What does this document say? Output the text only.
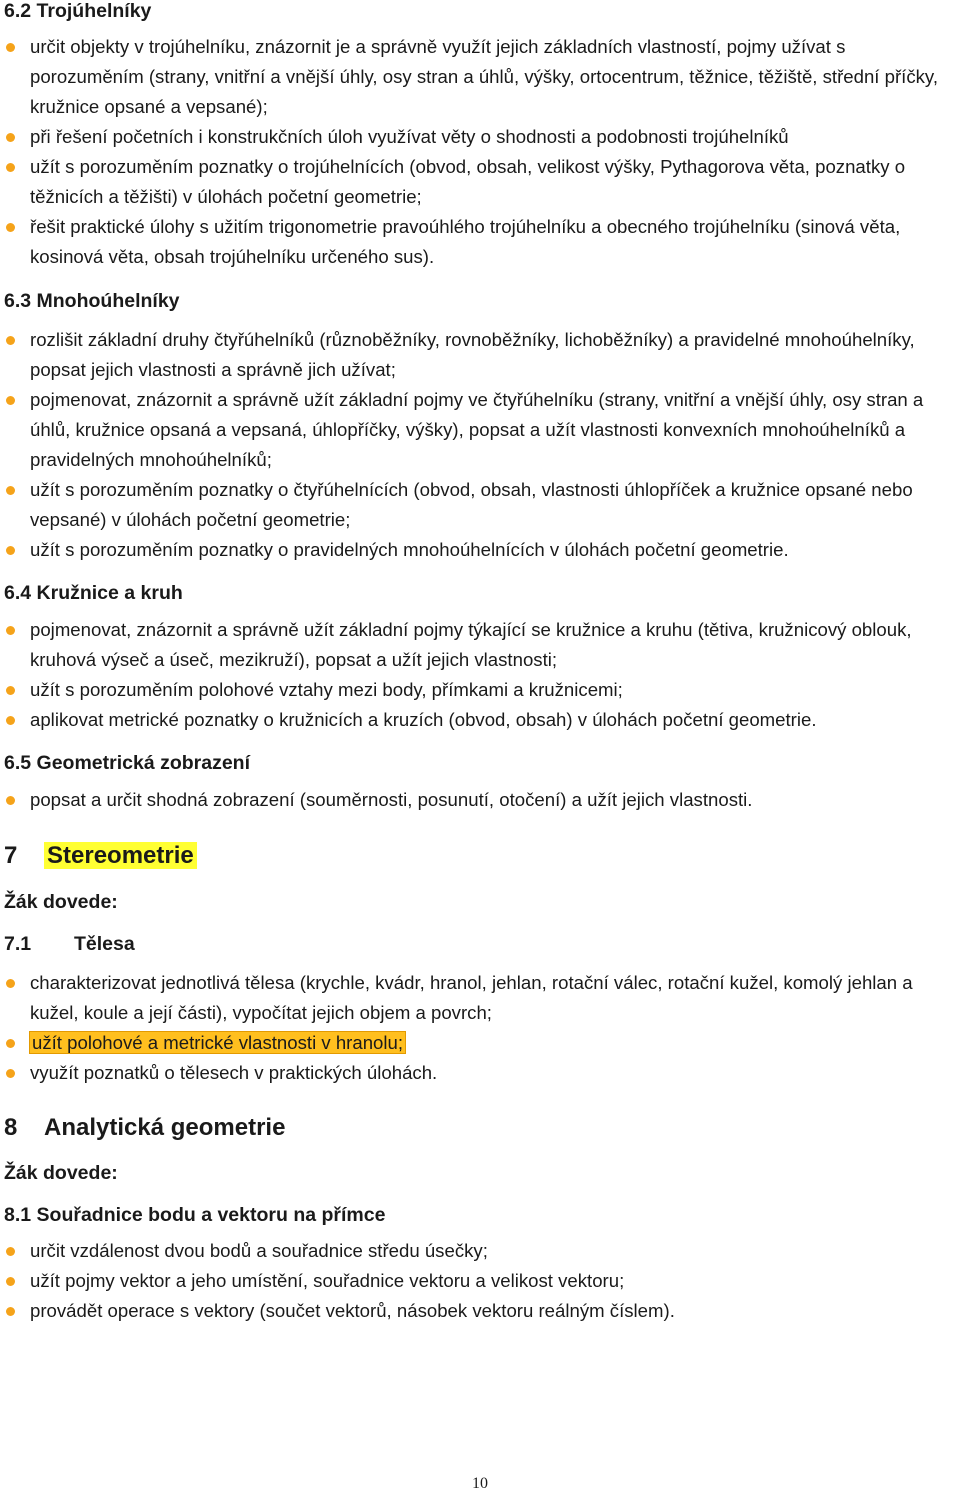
6.2 Trojúhelníky
určit objekty v trojúhelníku, znázornit je a správně využít jejich základních vlastností, pojmy užívat s porozuměním (strany, vnitřní a vnější úhly, osy stran a úhlů, výšky, ortocentrum, těžnice, těžiště, střední příčky, kružnice opsané a vepsané);
při řešení početních i konstrukčních úloh využívat věty o shodnosti a podobnosti trojúhelníků
užít s porozuměním poznatky o trojúhelnících (obvod, obsah, velikost výšky, Pythagorova věta, poznatky o těžnicích a těžišti) v úlohách početní geometrie;
řešit praktické úlohy s užitím trigonometrie pravoúhlého trojúhelníku a obecného trojúhelníku (sinová věta, kosinová věta, obsah trojúhelníku určeného sus).
6.3 Mnohoúhelníky
rozlišit základní druhy čtyřúhelníků (různoběžníky, rovnoběžníky, lichoběžníky) a pravidelné mnohoúhelníky, popsat jejich vlastnosti a správně jich užívat;
pojmenovat, znázornit a správně užít základní pojmy ve čtyřúhelníku (strany, vnitřní a vnější úhly, osy stran a úhlů, kružnice opsaná a vepsaná, úhlopříčky, výšky), popsat a užít vlastnosti konvexních mnohoúhelníků a pravidelných mnohoúhelníků;
užít s porozuměním poznatky o čtyřúhelnících (obvod, obsah, vlastnosti úhlopříček a kružnice opsané nebo vepsané) v úlohách početní geometrie;
užít s porozuměním poznatky o pravidelných mnohoúhelnících v úlohách početní geometrie.
6.4 Kružnice a kruh
pojmenovat, znázornit a správně užít základní pojmy týkající se kružnice a kruhu (tětiva, kružnicový oblouk, kruhová výseč a úseč, mezikruží), popsat a užít jejich vlastnosti;
užít s porozuměním polohové vztahy mezi body, přímkami a kružnicemi;
aplikovat metrické poznatky o kružnicích a kruzích (obvod, obsah) v úlohách početní geometrie.
6.5 Geometrická zobrazení
popsat a určit shodná zobrazení (souměrnosti, posunutí, otočení) a užít jejich vlastnosti.
7 Stereometrie

Žák dovede:

7.1 Tělesa
charakterizovat jednotlivá tělesa (krychle, kvádr, hranol, jehlan, rotační válec, rotační kužel, komolý jehlan a kužel, koule a její části), vypočítat jejich objem a povrch;
užít polohové a metrické vlastnosti v hranolu;
využít poznatků o tělesech v praktických úlohách.
8 Analytická geometrie

Žák dovede:

8.1 Souřadnice bodu a vektoru na přímce
určit vzdálenost dvou bodů a souřadnice středu úsečky;
užít pojmy vektor a jeho umístění, souřadnice vektoru a velikost vektoru;
provádět operace s vektory (součet vektorů, násobek vektoru reálným číslem).
10
